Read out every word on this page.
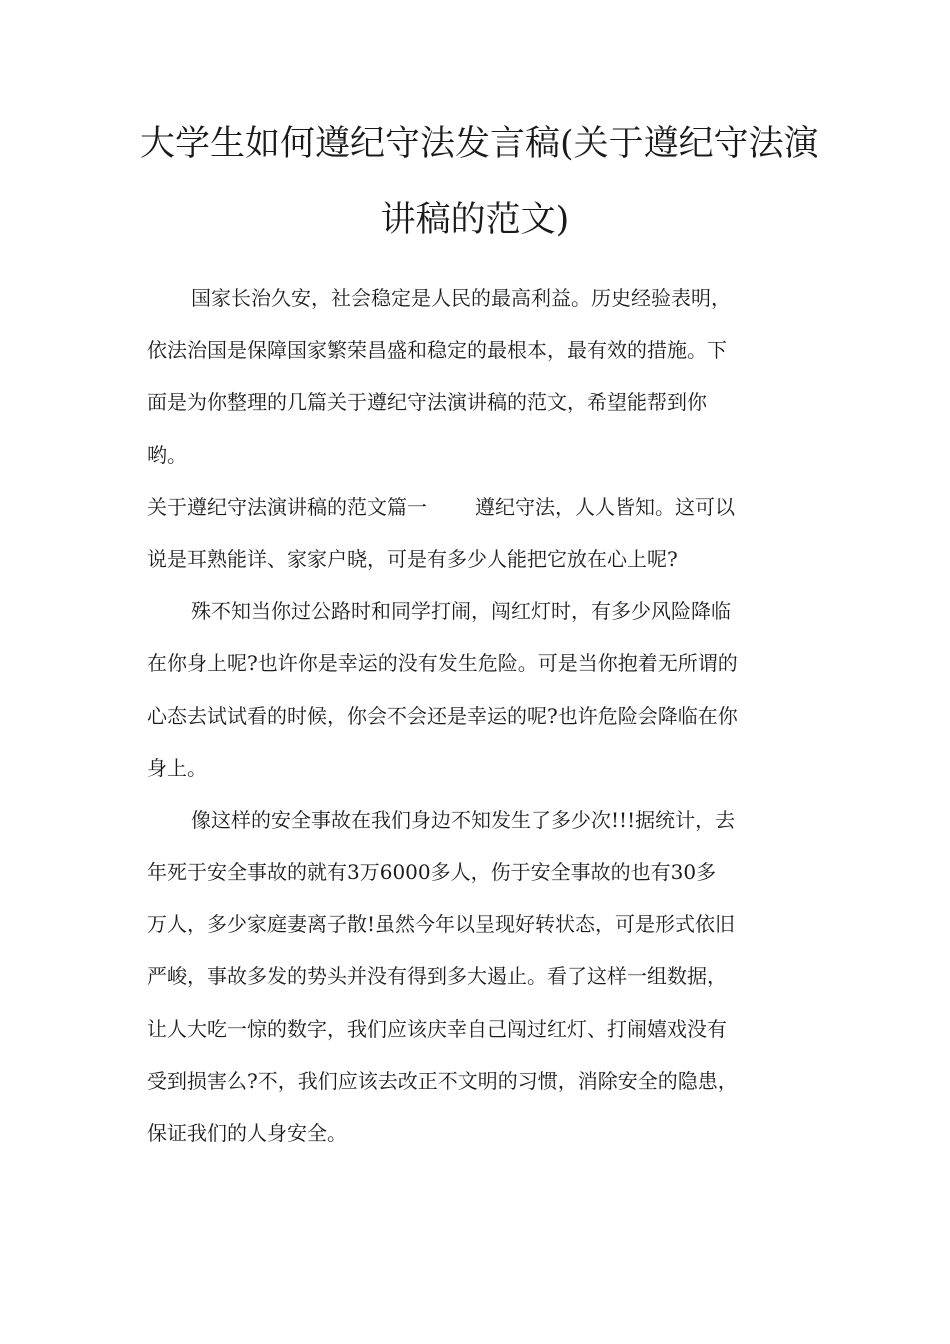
大学生如何遵纪守法发言稿(关于遵纪守法演
讲稿的范文)
国家长治久安，社会稳定是人民的最高利益。历史经验表明，
依法治国是保障国家繁荣昌盛和稳定的最根本，最有效的措施。下
面是为你整理的几篇关于遵纪守法演讲稿的范文，希望能帮到你
哟。
关于遵纪守法演讲稿的范文篇一 遵纪守法，人人皆知。这可以
说是耳熟能详、家家户晓，可是有多少人能把它放在心上呢?
殊不知当你过公路时和同学打闹，闯红灯时，有多少风险降临
在你身上呢?也许你是幸运的没有发生危险。可是当你抱着无所谓的
心态去试试看的时候，你会不会还是幸运的呢?也许危险会降临在你
身上。
像这样的安全事故在我们身边不知发生了多少次!!!据统计，去
年死于安全事故的就有3万6000多人，伤于安全事故的也有30多
万人，多少家庭妻离子散!虽然今年以呈现好转状态，可是形式依旧
严峻，事故多发的势头并没有得到多大遏止。看了这样一组数据，
让人大吃一惊的数字，我们应该庆幸自己闯过红灯、打闹嬉戏没有
受到损害么?不，我们应该去改正不文明的习惯，消除安全的隐患，
保证我们的人身安全。
